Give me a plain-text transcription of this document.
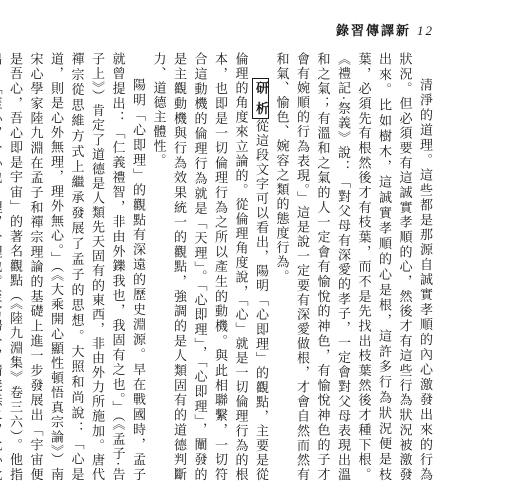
錄習傳譯新 12

清淨的道理。這些都是那源自誠實孝順的內心激發出來的行為狀況。但必須要有這誠實孝順的心，然後才有這些行為狀況被激發出來。比如樹木，這誠實孝順的心是根，這許多行為狀況便是枝葉，必須先有根然後才有枝葉，而不是先找出枝葉然後才種下根。《禮記‧祭義》說：「對父母有深愛的孝子，一定會對父母表現出溫和之氣；有溫和之氣的人一定會有愉悅的神色，有愉悅神色的子才會有婉順的行為表現。」這是說一定要有深愛做根，才會自然而然有和氣、愉色、婉容之類的態度行為。

研 析從這段文字可以看出，陽明「心即理」的觀點，主要是從倫理的角度來立論的。從倫理角度說，「心」就是一切倫理行為的根本，也即是一切倫理行為之所以產生的動機。與此相聯繫，一切符合這動機的倫理行為就是「天理」。「心即理」，「心即理」，闡發的是主觀動機與行為效果統一的觀點，強調的是人類固有的道德判斷力、道德主體性。

陽明「心即理」的觀點有深遠的歷史淵源。早在戰國時，孟子就曾提出：「仁義禮智，非由外鑠我也，我固有之也。」（《孟子‧告子上》）肯定了道德是人類先天固有的東西，非由外力所施加。唐代禪宗從思維方式上繼承發展了孟子的思想。大照和尚說：「心是道，則是心外無理，理外無心。」（《大乘開心顯性頓悟真宗論》）南宋心學家陸九淵在孟子和禪宗理論的基礎上進一步發展出「宇宙便是吾心，吾心即是宇宙」的著名觀點（《陸九淵集》卷三六）。他指
